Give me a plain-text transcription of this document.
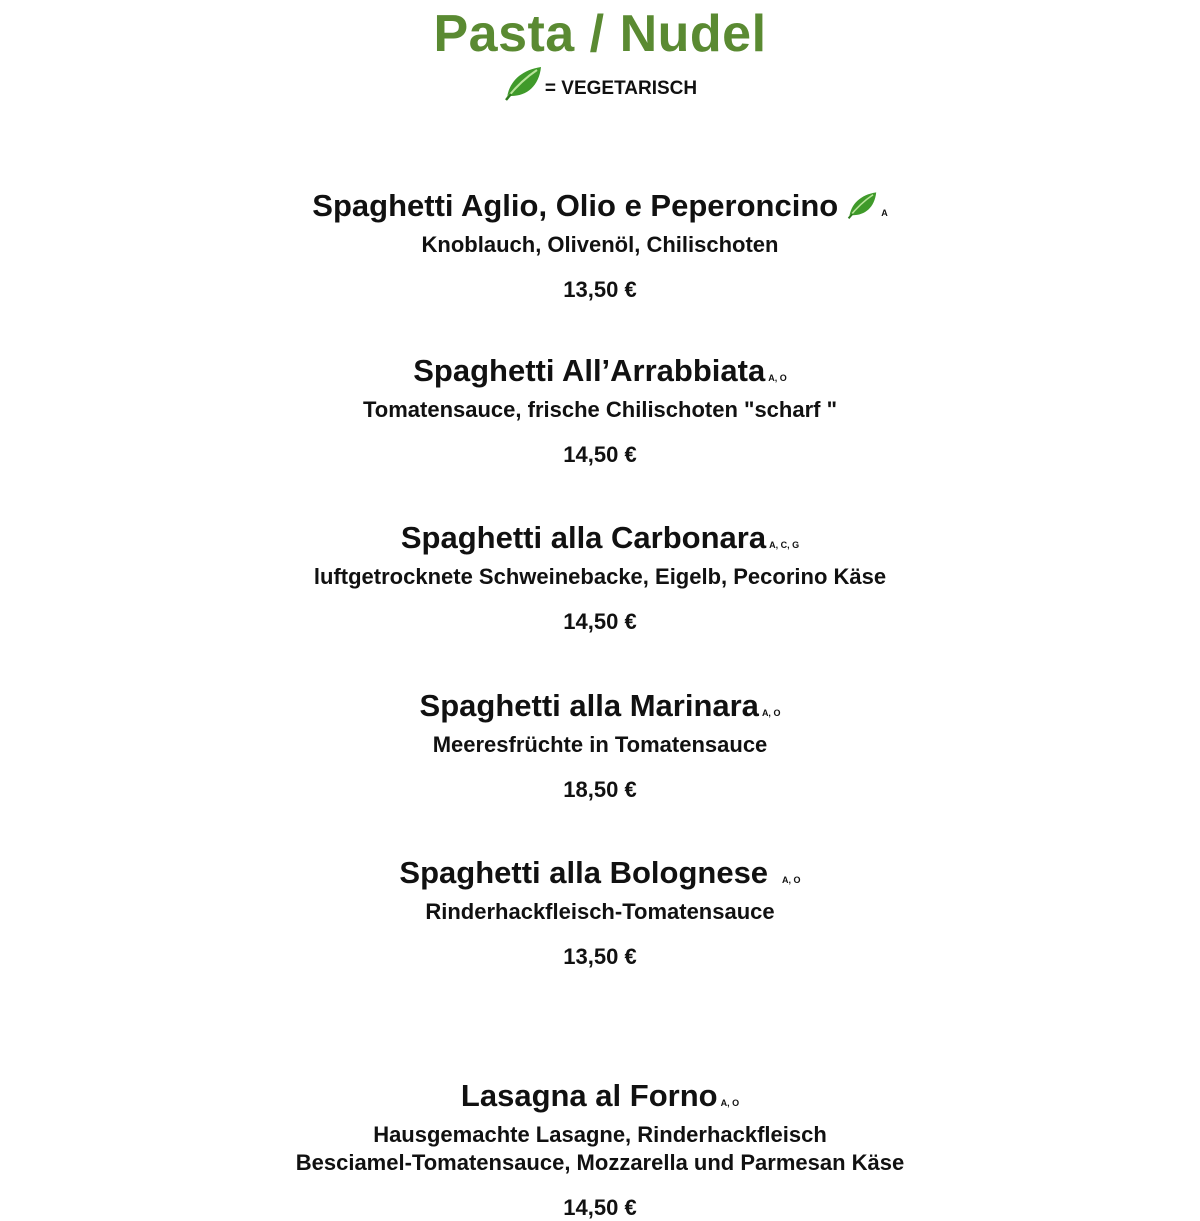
Pasta / Nudel
= VEGETARISCH
Spaghetti Aglio, Olio e Peperoncino	A

Knoblauch, Olivenöl, Chilischoten

13,50 €
Spaghetti All’Arrabbiata A, O

Tomatensauce, frische Chilischoten "scharf "

14,50 €
Spaghetti alla Carbonara A, C, G

luftgetrocknete Schweinebacke, Eigelb, Pecorino Käse

14,50 €
Spaghetti alla Marinara A, O

Meeresfrüchte in Tomatensauce

18,50 €
Spaghetti alla Bolognese A, O

Rinderhackfleisch-Tomatensauce

13,50 €
Lasagna al Forno A, O

Hausgemachte Lasagne, Rinderhackfleisch

Besciamel-Tomatensauce, Mozzarella und Parmesan Käse

14,50 €
